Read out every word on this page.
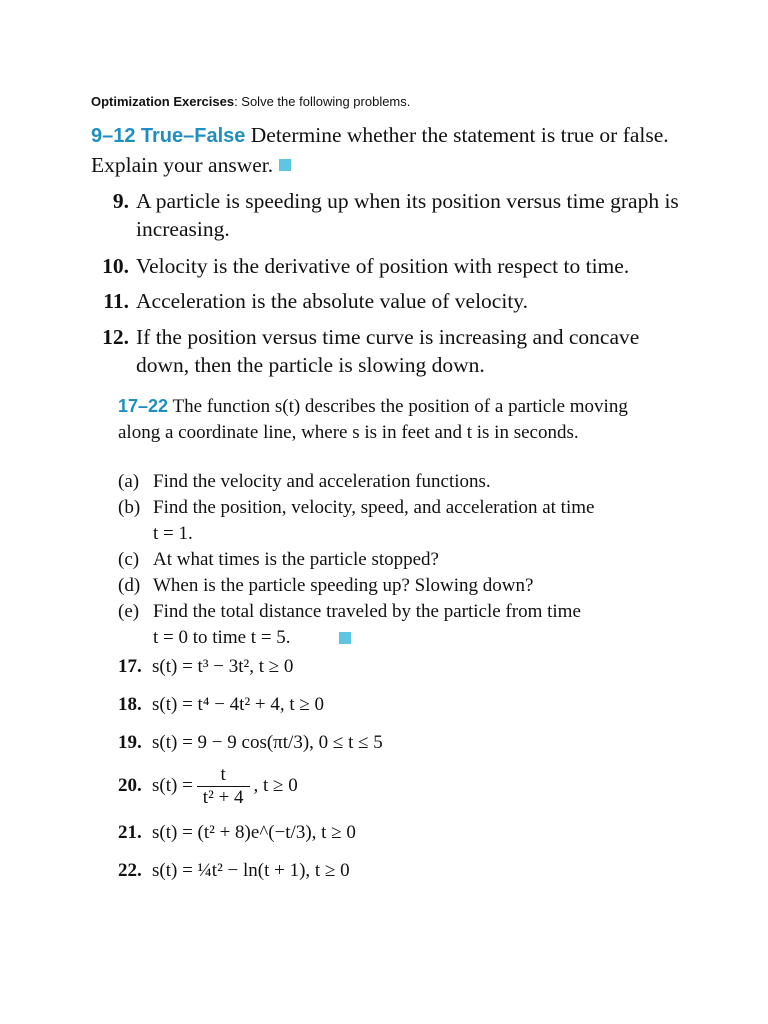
Optimization Exercises: Solve the following problems.
9–12 True–False Determine whether the statement is true or false. Explain your answer.
9. A particle is speeding up when its position versus time graph is increasing.
10. Velocity is the derivative of position with respect to time.
11. Acceleration is the absolute value of velocity.
12. If the position versus time curve is increasing and concave down, then the particle is slowing down.
17–22 The function s(t) describes the position of a particle moving along a coordinate line, where s is in feet and t is in seconds.
(a) Find the velocity and acceleration functions.
(b) Find the position, velocity, speed, and acceleration at time
t = 1.
(c) At what times is the particle stopped?
(d) When is the particle speeding up? Slowing down?
(e) Find the total distance traveled by the particle from time
t = 0 to time t = 5.
17. s(t) = t³ − 3t², t ≥ 0
18. s(t) = t⁴ − 4t² + 4, t ≥ 0
19. s(t) = 9 − 9 cos(πt/3), 0 ≤ t ≤ 5
20. $s(t) = \frac{t}{\text{t² + 4}}$ , t ≥ 0
21. s(t) = (t² + 8)e^(−t/3), t ≥ 0
22. s(t) = ¼t² − ln(t + 1), t ≥ 0
